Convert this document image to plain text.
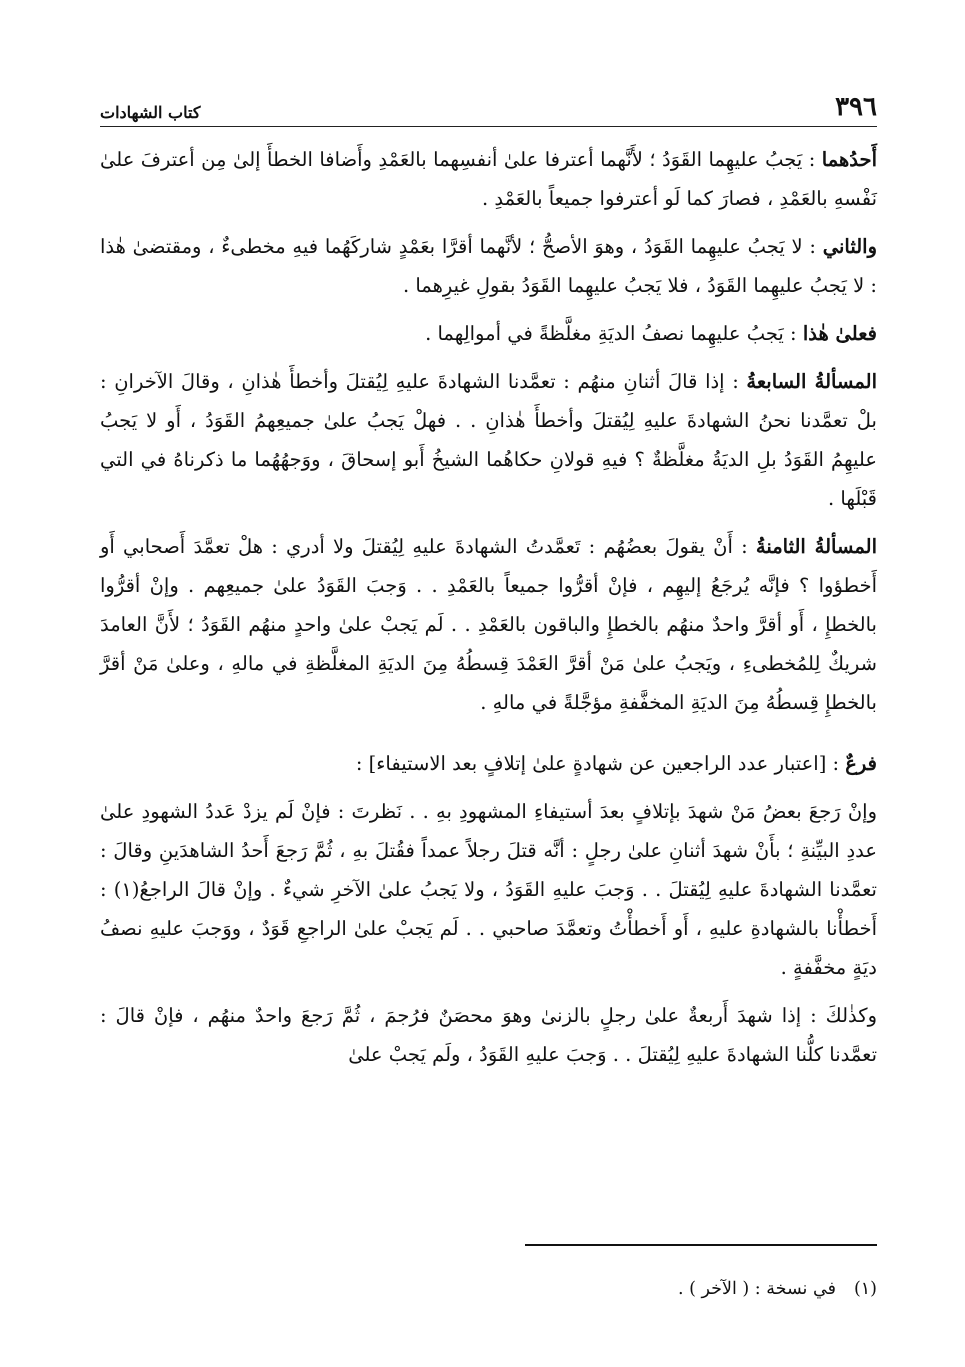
٣٩٦
كتاب الشهادات

أَحدُهما : يَجبُ عليهِما القَوَدُ ؛ لأَنَّهما أعترفا علىٰ أنفسِهما بالعَمْدِ وأَضافا الخطأَ إلىٰ مِن أعترفَ علىٰ نَفْسهِ بالعَمْدِ ، فصارَ كما لَو أعترفوا جميعاً بالعَمْدِ .

والثاني : لا يَجبُ عليهِما القَوَدُ ، وهوَ الأصحُّ ؛ لأنَّهما أقرَّا بعَمْدٍ شاركَهُما فيهِ مخطىءٌ ، ومقتضىٰ هٰذا : لا يَجبُ عليهِما القَوَدُ ، فلا يَجبُ عليهِما القَوَدُ بقولِ غيرِهما .

فعلىٰ هٰذا : يَجبُ عليهِما نصفُ الديَةِ مغلَّظةً في أموالِهما .

المسألةُ السابعةُ : إذا قالَ أثنانِ منهُم : تعمَّدنا الشهادةَ عليهِ لِيُقتلَ وأخطأَ هٰذانِ ، وقالَ الآخرانِ : بلْ تعمَّدنا نحنُ الشهادةَ عليهِ لِيُقتلَ وأخطأَ هٰذانِ . . فهلْ يَجبُ علىٰ جميعِهمُ القَوَدُ ، أَو لا يَجبُ عليهِمُ القَوَدُ بلِ الديَةُ مغلَّظةٌ ؟ فيهِ قولانِ حكاهُما الشيخُ أَبو إسحاقَ ، ووَجهُهُما ما ذكرناهُ في التي قَبْلَها .

المسألةُ الثامنةُ : أَنْ يقولَ بعضُهُم : تَعمَّدتُ الشهادةَ عليهِ لِيُقتلَ ولا أدري : هلْ تعمَّدَ أَصحابي أَو أَخطؤوا ؟ فإنَّه يُرجَعُ إليهِم ، فإنْ أقرُّوا جميعاً بالعَمْدِ . . وَجبَ القَوَدُ علىٰ جميعِهم . وإنْ أقرُّوا بالخطإِ ، أَو أقرَّ واحدٌ منهُم بالخطإِ والباقون بالعَمْدِ . . لَم يَجبْ علىٰ واحدٍ منهُم القَوَدُ ؛ لأَنَّ العامدَ شريكٌ لِلمُخطىءِ ، ويَجبُ علىٰ مَنْ أقرَّ العَمْدَ قِسطُهُ مِنَ الديَةِ المغلَّظةِ في مالهِ ، وعلىٰ مَنْ أقرَّ بالخطإِ قِسطُهُ مِنَ الديَةِ المخفَّفةِ مؤجَّلةً في مالهِ .

فرعٌ : [اعتبار عدد الراجعين عن شهادةٍ علىٰ إتلافٍ بعد الاستيفاء] :

وإنْ رَجعَ بعضُ مَنْ شهدَ بإتلافٍ بعدَ أستيفاءِ المشهودِ بهِ . . نَظرتَ : فإنْ لَم يزدْ عَددُ الشهودِ علىٰ عددِ البيِّنةِ ؛ بأَنْ شهدَ أثنانِ علىٰ رجلٍ : أنَّه قتلَ رجلاً عمداً فقُتلَ بهِ ، ثُمَّ رَجعَ أَحدُ الشاهدَينِ وقالَ : تعمَّدنا الشهادةَ عليهِ لِيُقتلَ . . وَجبَ عليهِ القَوَدُ ، ولا يَجبُ علىٰ الآخرِ شيءٌ . وإنْ قالَ الراجعُ(١) : أَخطأْنا بالشهادةِ عليهِ ، أَو أَخطأْتُ وتعمَّدَ صاحبي . . لَم يَجبْ علىٰ الراجعِ قَوَدٌ ، ووَجبَ عليهِ نصفُ ديَةٍ مخفَّفةٍ .

وكذٰلكَ : إذا شهدَ أَربعةٌ علىٰ رجلٍ بالزنىٰ وهوَ محصَنٌ فرُجمَ ، ثُمَّ رَجعَ واحدٌ منهُم ، فإنْ قالَ : تعمَّدنا كلُّنا الشهادةَ عليهِ لِيُقتلَ . . وَجبَ عليهِ القَوَدُ ، ولَم يَجبْ علىٰ

(١)في نسخة : ( الآخر ) .
